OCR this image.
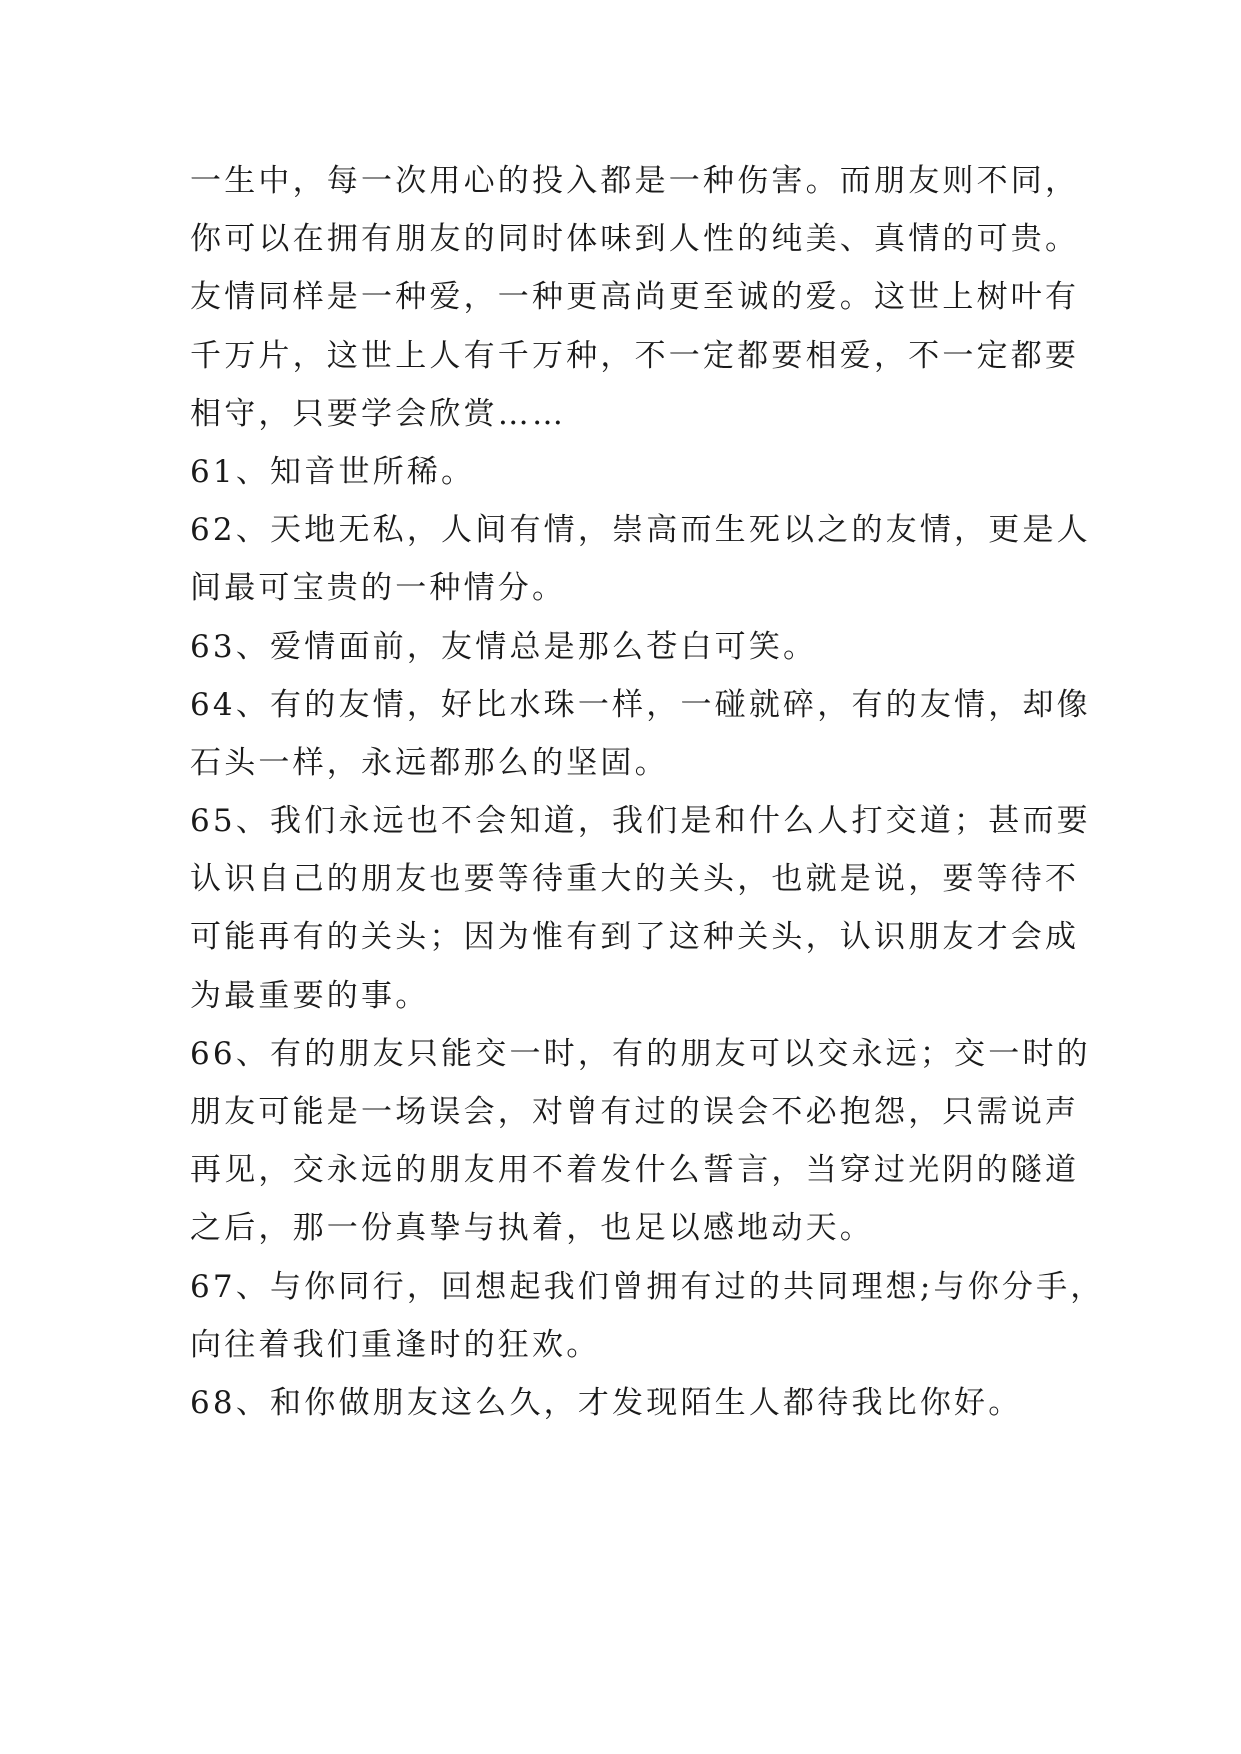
一生中，每一次用心的投入都是一种伤害。而朋友则不同，
你可以在拥有朋友的同时体味到人性的纯美、真情的可贵。
友情同样是一种爱，一种更高尚更至诚的爱。这世上树叶有
千万片，这世上人有千万种，不一定都要相爱，不一定都要
相守，只要学会欣赏……
61、知音世所稀。
62、天地无私，人间有情，崇高而生死以之的友情，更是人
间最可宝贵的一种情分。
63、爱情面前，友情总是那么苍白可笑。
64、有的友情，好比水珠一样，一碰就碎，有的友情，却像
石头一样，永远都那么的坚固。
65、我们永远也不会知道，我们是和什么人打交道；甚而要
认识自己的朋友也要等待重大的关头，也就是说，要等待不
可能再有的关头；因为惟有到了这种关头，认识朋友才会成
为最重要的事。
66、有的朋友只能交一时，有的朋友可以交永远；交一时的
朋友可能是一场误会，对曾有过的误会不必抱怨，只需说声
再见，交永远的朋友用不着发什么誓言，当穿过光阴的隧道
之后，那一份真挚与执着，也足以感地动天。
67、与你同行，回想起我们曾拥有过的共同理想;与你分手，
向往着我们重逢时的狂欢。
68、和你做朋友这么久，才发现陌生人都待我比你好。
